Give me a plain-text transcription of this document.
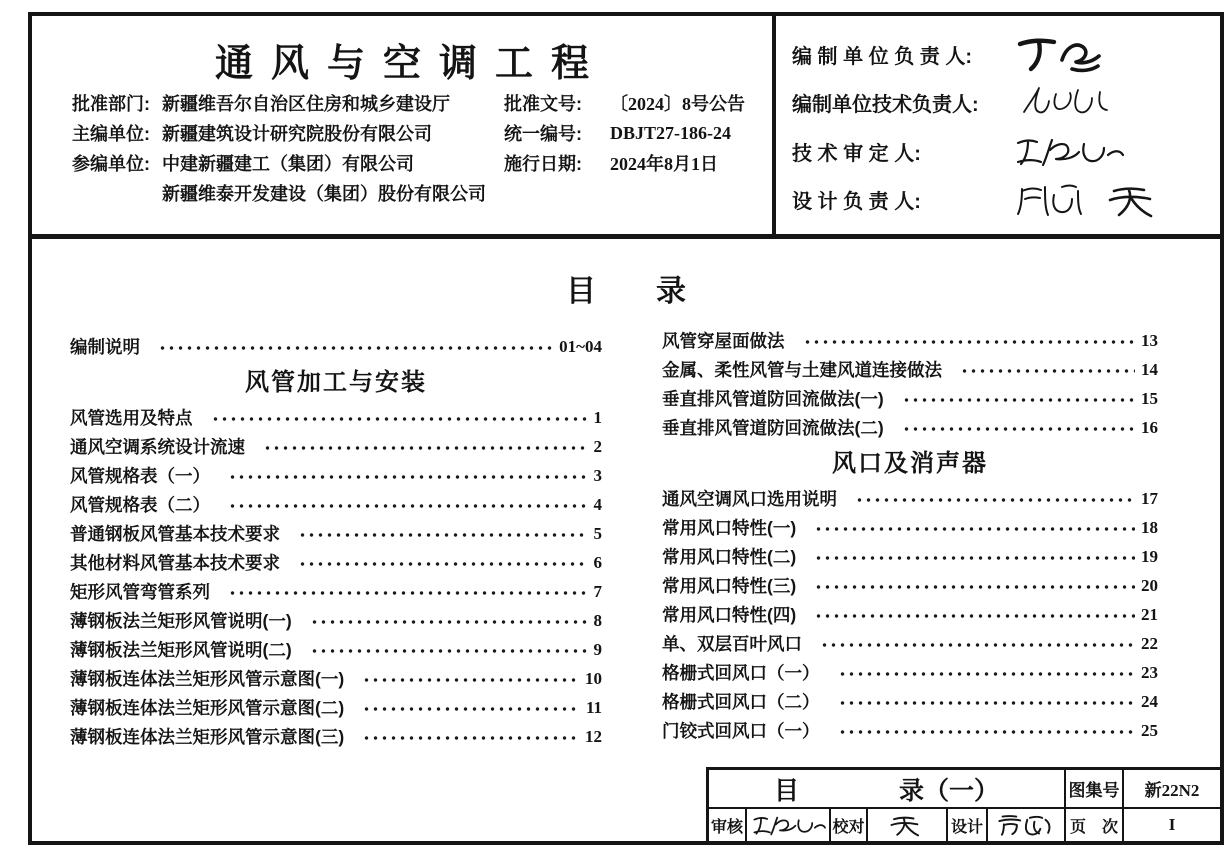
通风与空调工程
批准部门: 新疆维吾尔自治区住房和城乡建设厅	批准文号:	〔2024〕8号公告
主编单位: 新疆建筑设计研究院股份有限公司	统一编号:	DBJT27-186-24
参编单位: 中建新疆建工（集团）有限公司	施行日期:	2024年8月1日
新疆维泰开发建设（集团）股份有限公司
编 制 单 位 负 责 人:
编制单位技术负责人:
技 术 审 定 人:
设 计 负 责 人:
目　　录
编制说明	01~04
风管加工与安装
风管选用及特点	1
通风空调系统设计流速	2
风管规格表（一）	3
风管规格表（二）	4
普通钢板风管基本技术要求	5
其他材料风管基本技术要求	6
矩形风管弯管系列	7
薄钢板法兰矩形风管说明(一)	8
薄钢板法兰矩形风管说明(二)	9
薄钢板连体法兰矩形风管示意图(一)	10
薄钢板连体法兰矩形风管示意图(二)	11
薄钢板连体法兰矩形风管示意图(三)	12
风管穿屋面做法	13
金属、柔性风管与土建风道连接做法	14
垂直排风管道防回流做法(一)	15
垂直排风管道防回流做法(二)	16
风口及消声器
通风空调风口选用说明	17
常用风口特性(一)	18
常用风口特性(二)	19
常用风口特性(三)	20
常用风口特性(四)	21
单、双层百叶风口	22
格栅式回风口（一）	23
格栅式回风口（二）	24
门铰式回风口（一）	25
目　　　　录（一）	图集号	新22N2
审核	校对	设计	页　次	I
